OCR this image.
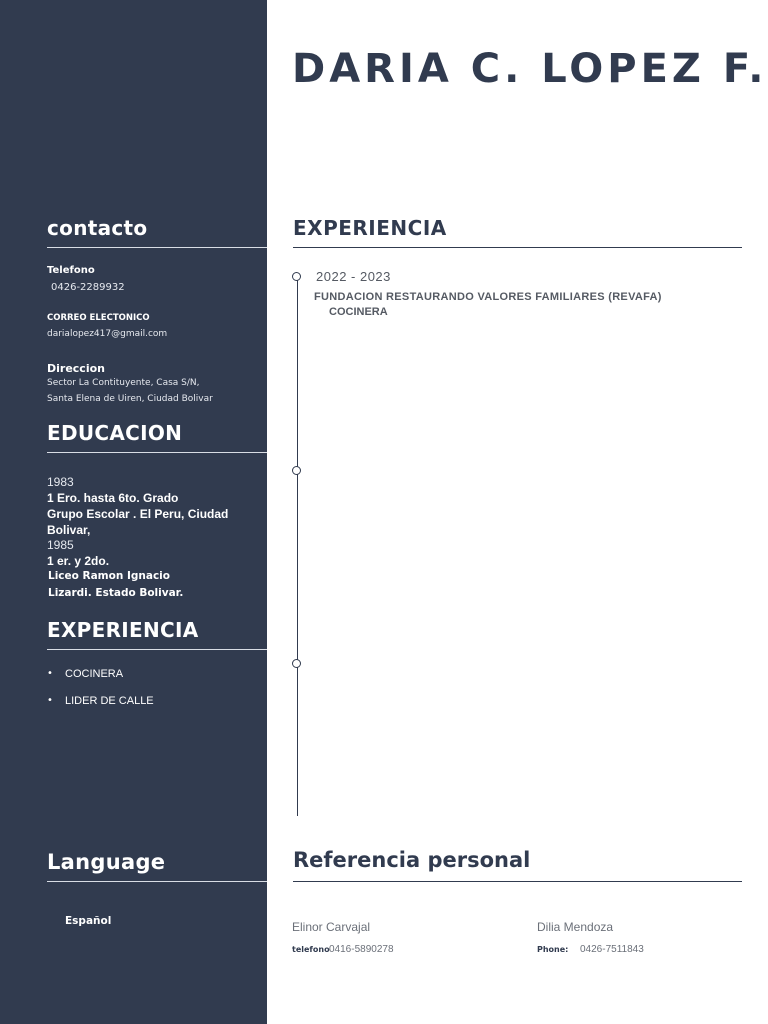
contacto
Telefono
0426-2289932
CORREO ELECTONICO
darialopez417@gmail.com
Direccion
Sector La Contituyente, Casa S/N,
Santa Elena de Uiren, Ciudad Bolivar
EDUCACION
1983
1 Ero. hasta 6to. Grado
Grupo Escolar . El Peru, Ciudad
Bolivar,
1985
1 er. y 2do.
Liceo Ramon Ignacio
Lizardi. Estado Bolivar.
EXPERIENCIA
• COCINERA
• LIDER DE CALLE
Language
Español
DARIA C. LOPEZ F.
EXPERIENCIA
2022 - 2023
FUNDACION RESTAURANDO VALORES FAMILIARES (REVAFA)
COCINERA
Referencia personal
Elinor Carvajal
telefono 0416-5890278
Dilia Mendoza
Phone: 0426-7511843
